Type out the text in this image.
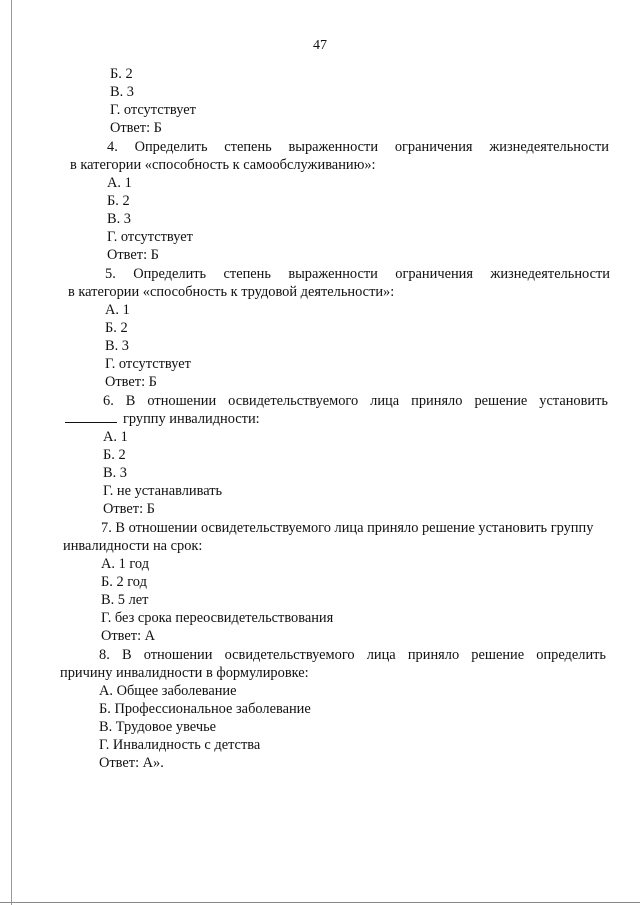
47
Б. 2
В. 3
Г. отсутствует
Ответ: Б
4. Определить степень выраженности ограничения жизнедеятельности
в категории «способность к самообслуживанию»:
А. 1
Б. 2
В. 3
Г. отсутствует
Ответ: Б
5. Определить степень выраженности ограничения жизнедеятельности
в категории «способность к трудовой деятельности»:
А. 1
Б. 2
В. 3
Г. отсутствует
Ответ: Б
6. В отношении освидетельствуемого лица приняло решение установить
группу инвалидности:
А. 1
Б. 2
В. 3
Г. не устанавливать
Ответ: Б
7. В отношении освидетельствуемого лица приняло решение установить группу
инвалидности на срок:
А. 1 год
Б. 2 год
В. 5 лет
Г. без срока переосвидетельствования
Ответ: А
8. В отношении освидетельствуемого лица приняло решение определить
причину инвалидности в формулировке:
А. Общее заболевание
Б. Профессиональное заболевание
В. Трудовое увечье
Г. Инвалидность с детства
Ответ: А».
